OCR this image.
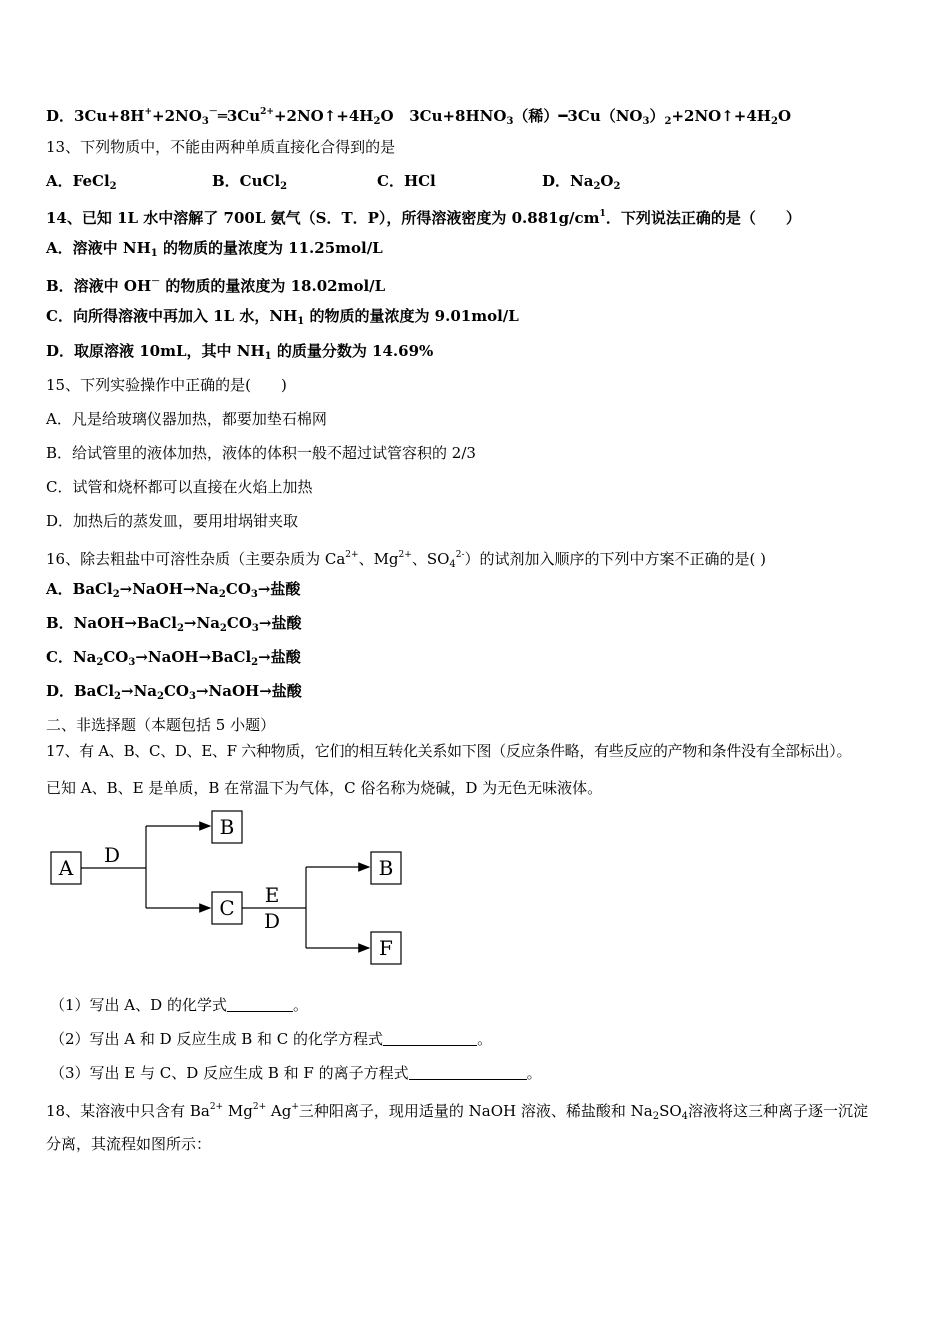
D．$3Cu+8H^++2NO_3^-═3Cu^{2+}+2NO↑+4H_2O$ $3Cu+8HNO_3$（稀）$━3Cu(NO_3)_2+2NO↑+4H_2O$
13、下列物质中，不能由两种单质直接化合得到的是
A．FeCl$_2$	B．CuCl$_2$	C．HCl	D．$Na_2O_2$
14、已知 1L 水中溶解了 700L 氨气（S．T．P），所得溶液密度为 $0.881g/cm^1$．下列说法正确的是（　　）
A．溶液中 $NH_1$ 的物质的量浓度为 11.25mol/L
B．溶液中 OH－ 的物质的量浓度为 18.02mol/L
C．向所得溶液中再加入 1L 水，$NH_1$ 的物质的量浓度为 9.01mol/L
D．取原溶液 10mL，其中 $NH_1$ 的质量分数为 14.69%
15、下列实验操作中正确的是(　　)
A．凡是给玻璃仪器加热，都要加垫石棉网
B．给试管里的液体加热，液体的体积一般不超过试管容积的 2/3
C．试管和烧杯都可以直接在火焰上加热
D．加热后的蒸发皿，要用坩埚钳夹取
16、除去粗盐中可溶性杂质（主要杂质为 $Ca^{2+}$、$Mg^{2+}$、$SO_4^{2-}$）的试剂加入顺序的下列中方案不正确的是( )
A．$BaCl_2\to NaOH\to Na_2CO_3\to$盐酸
B．$NaOH\to BaCl_2\to Na_2CO_3\to$盐酸
C．$Na_2CO_3\to NaOH\to BaCl_2\to$盐酸
D．$BaCl_2\to Na_2CO_3\to NaOH\to$盐酸
二、非选择题（本题包括 5 小题）
17、有 A、B、C、D、E、F 六种物质，它们的相互转化关系如下图（反应条件略，有些反应的产物和条件没有全部标出）。
已知 A、B、E 是单质，B 在常温下为气体，C 俗名称为烧碱，D 为无色无味液体。
A
D
B
C
E
D
B
F
（1）写出 A、D 的化学式	。
（2）写出 A 和 D 反应生成 B 和 C 的化学方程式	。
（3）写出 E 与 C、D 反应生成 B 和 F 的离子方程式	。
18、某溶液中只含有 $Ba^{2+}$ $Mg^{2+}$ Ag+三种阳离子，现用适量的 NaOH 溶液、稀盐酸和 $Na_2SO_4$溶液将这三种离子逐一沉淀
分离，其流程如图所示：
